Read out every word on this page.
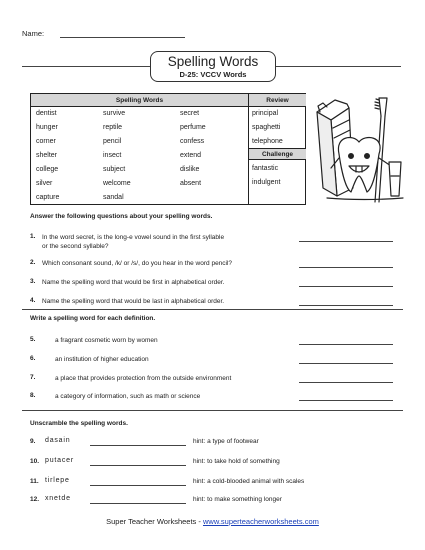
Name:
Spelling Words
D-25: VCCV Words
Spelling Words	Review
dentist	survive	secret
hunger	reptile	perfume
corner	pencil	confess
shelter	insect	extend
college	subject	dislike
silver	welcome	absent
capture	sandal
principal
spaghetti
telephone
Challenge
fantastic
indulgent
Answer the following questions about your spelling words.
1. In the word secret, is the long-e vowel sound in the first syllable
or the second syllable?
2. Which consonant sound, /k/ or /s/, do you hear in the word pencil?
3. Name the spelling word that would be first in alphabetical order.
4. Name the spelling word that would be last in alphabetical order.
Write a spelling word for each definition.
5.	a fragrant cosmetic worn by women
6.	an institution of higher education
7.	a place that provides protection from the outside environment
8.	a category of information, such as math or science
Unscramble the spelling words.
9. dasain	hint: a type of footwear
10. putacer	hint: to take hold of something
11. tirlepe	hint: a cold-blooded animal with scales
12. xnetde	hint: to make something longer
Super Teacher Worksheets - www.superteacherworksheets.com
